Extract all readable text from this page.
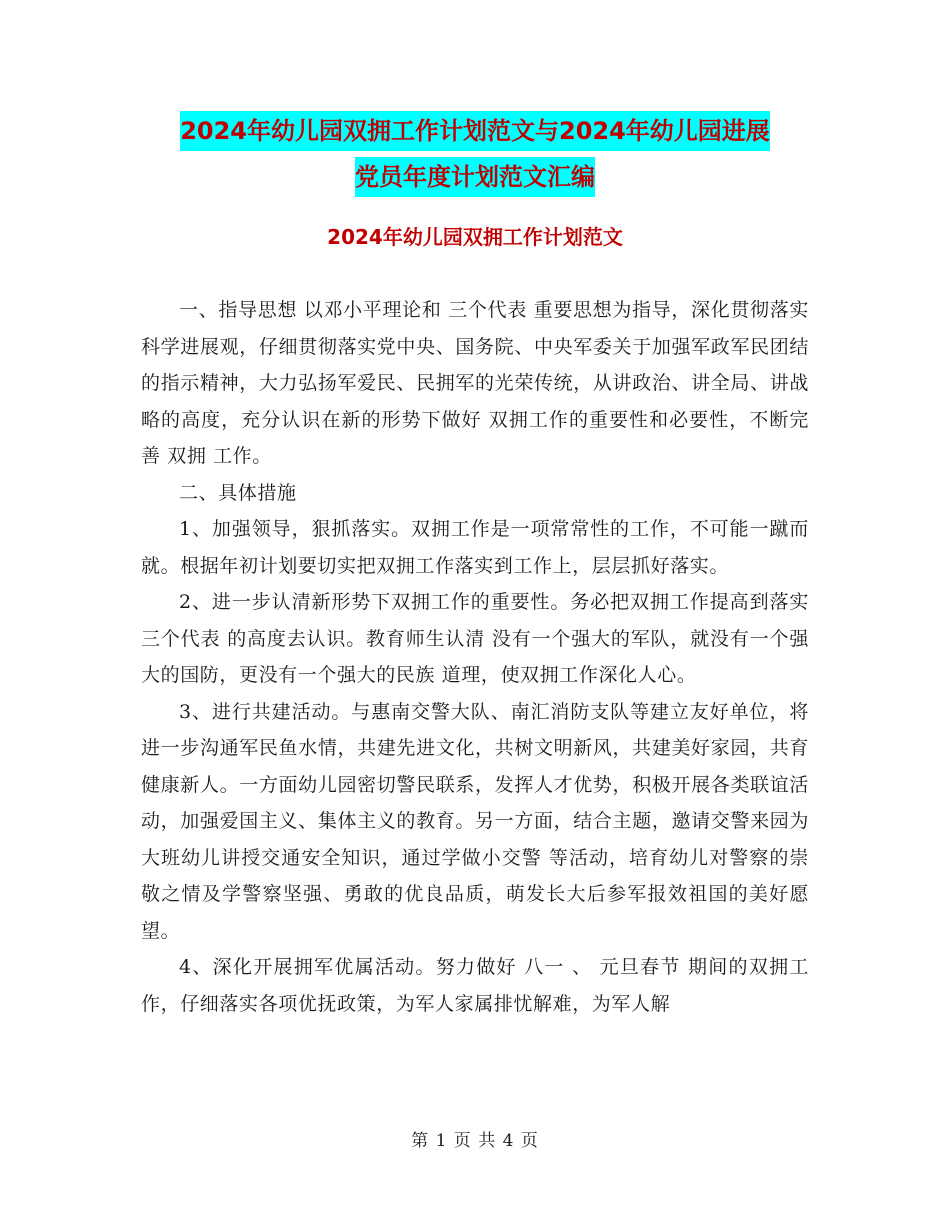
2024年幼儿园双拥工作计划范文与2024年幼儿园进展
党员年度计划范文汇编
2024年幼儿园双拥工作计划范文

一、指导思想 以邓小平理论和 三个代表 重要思想为指导，深化贯彻落实科学进展观，仔细贯彻落实党中央、国务院、中央军委关于加强军政军民团结的指示精神，大力弘扬军爱民、民拥军的光荣传统，从讲政治、讲全局、讲战略的高度，充分认识在新的形势下做好 双拥工作的重要性和必要性，不断完善 双拥 工作。

二、具体措施

1、加强领导，狠抓落实。双拥工作是一项常常性的工作，不可能一蹴而就。根据年初计划要切实把双拥工作落实到工作上，层层抓好落实。

2、进一步认清新形势下双拥工作的重要性。务必把双拥工作提高到落实 三个代表 的高度去认识。教育师生认清 没有一个强大的军队，就没有一个强大的国防，更没有一个强大的民族 道理，使双拥工作深化人心。

3、进行共建活动。与惠南交警大队、南汇消防支队等建立友好单位，将进一步沟通军民鱼水情，共建先进文化，共树文明新风，共建美好家园，共育健康新人。一方面幼儿园密切警民联系，发挥人才优势，积极开展各类联谊活动，加强爱国主义、集体主义的教育。另一方面，结合主题，邀请交警来园为大班幼儿讲授交通安全知识，通过学做小交警 等活动，培育幼儿对警察的崇敬之情及学警察坚强、勇敢的优良品质，萌发长大后参军报效祖国的美好愿望。

4、深化开展拥军优属活动。努力做好 八一 、 元旦春节 期间的双拥工作，仔细落实各项优抚政策，为军人家属排忧解难，为军人解

第 1 页 共 4 页
